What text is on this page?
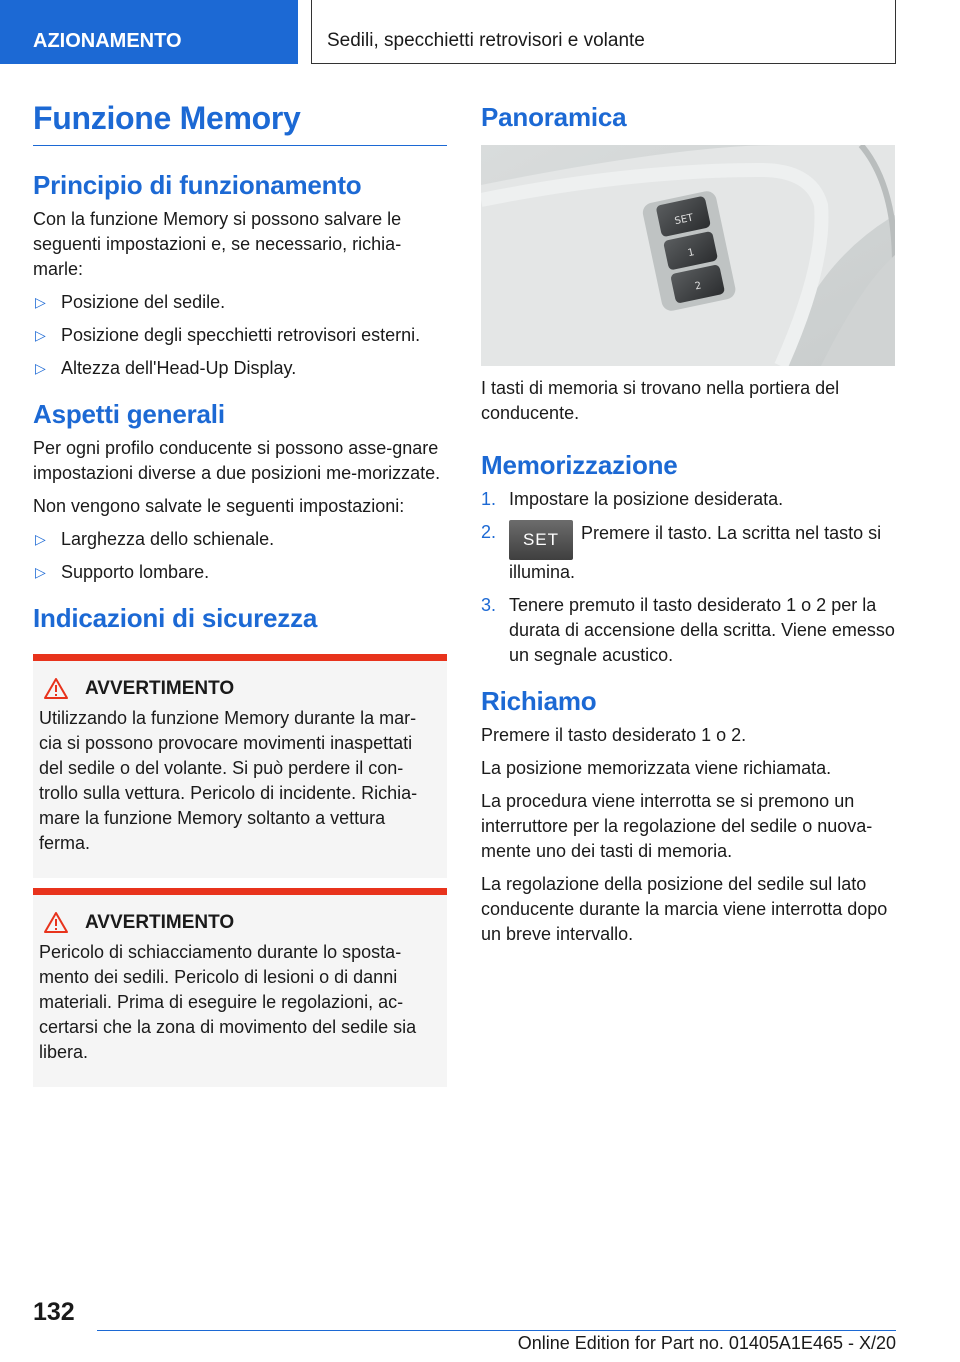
AZIONAMENTO	Sedili, specchietti retrovisori e volante
Funzione Memory
Principio di funzionamento

Con la funzione Memory si possono salvare le seguenti impostazioni e, se necessario, richia-marle:

▷ Posizione del sedile.
▷ Posizione degli specchietti retrovisori esterni.
▷ Altezza dell'Head-Up Display.
Aspetti generali

Per ogni profilo conducente si possono asse-gnare impostazioni diverse a due posizioni me-morizzate.

Non vengono salvate le seguenti impostazioni:

▷ Larghezza dello schienale.
▷ Supporto lombare.
Indicazioni di sicurezza
AVVERTIMENTO

Utilizzando la funzione Memory durante la mar-cia si possono provocare movimenti inaspettati del sedile o del volante. Si può perdere il con-trollo sulla vettura. Pericolo di incidente. Richia-mare la funzione Memory soltanto a vettura ferma.

AVVERTIMENTO

Pericolo di schiacciamento durante lo sposta-mento dei sedili. Pericolo di lesioni o di danni materiali. Prima di eseguire le regolazioni, ac-certarsi che la zona di movimento del sedile sia libera.

Panoramica
SET
1
2

I tasti di memoria si trovano nella portiera del conducente.

Memorizzazione
1. Impostare la posizione desiderata.
2. SET Premere il tasto. La scritta nel tasto si illumina.
3. Tenere premuto il tasto desiderato 1 o 2 per la durata di accensione della scritta. Viene emesso un segnale acustico.
Richiamo

Premere il tasto desiderato 1 o 2.

La posizione memorizzata viene richiamata.

La procedura viene interrotta se si premono un interruttore per la regolazione del sedile o nuova-mente uno dei tasti di memoria.

La regolazione della posizione del sedile sul lato conducente durante la marcia viene interrotta dopo un breve intervallo.

132
Online Edition for Part no. 01405A1E465 - X/20
